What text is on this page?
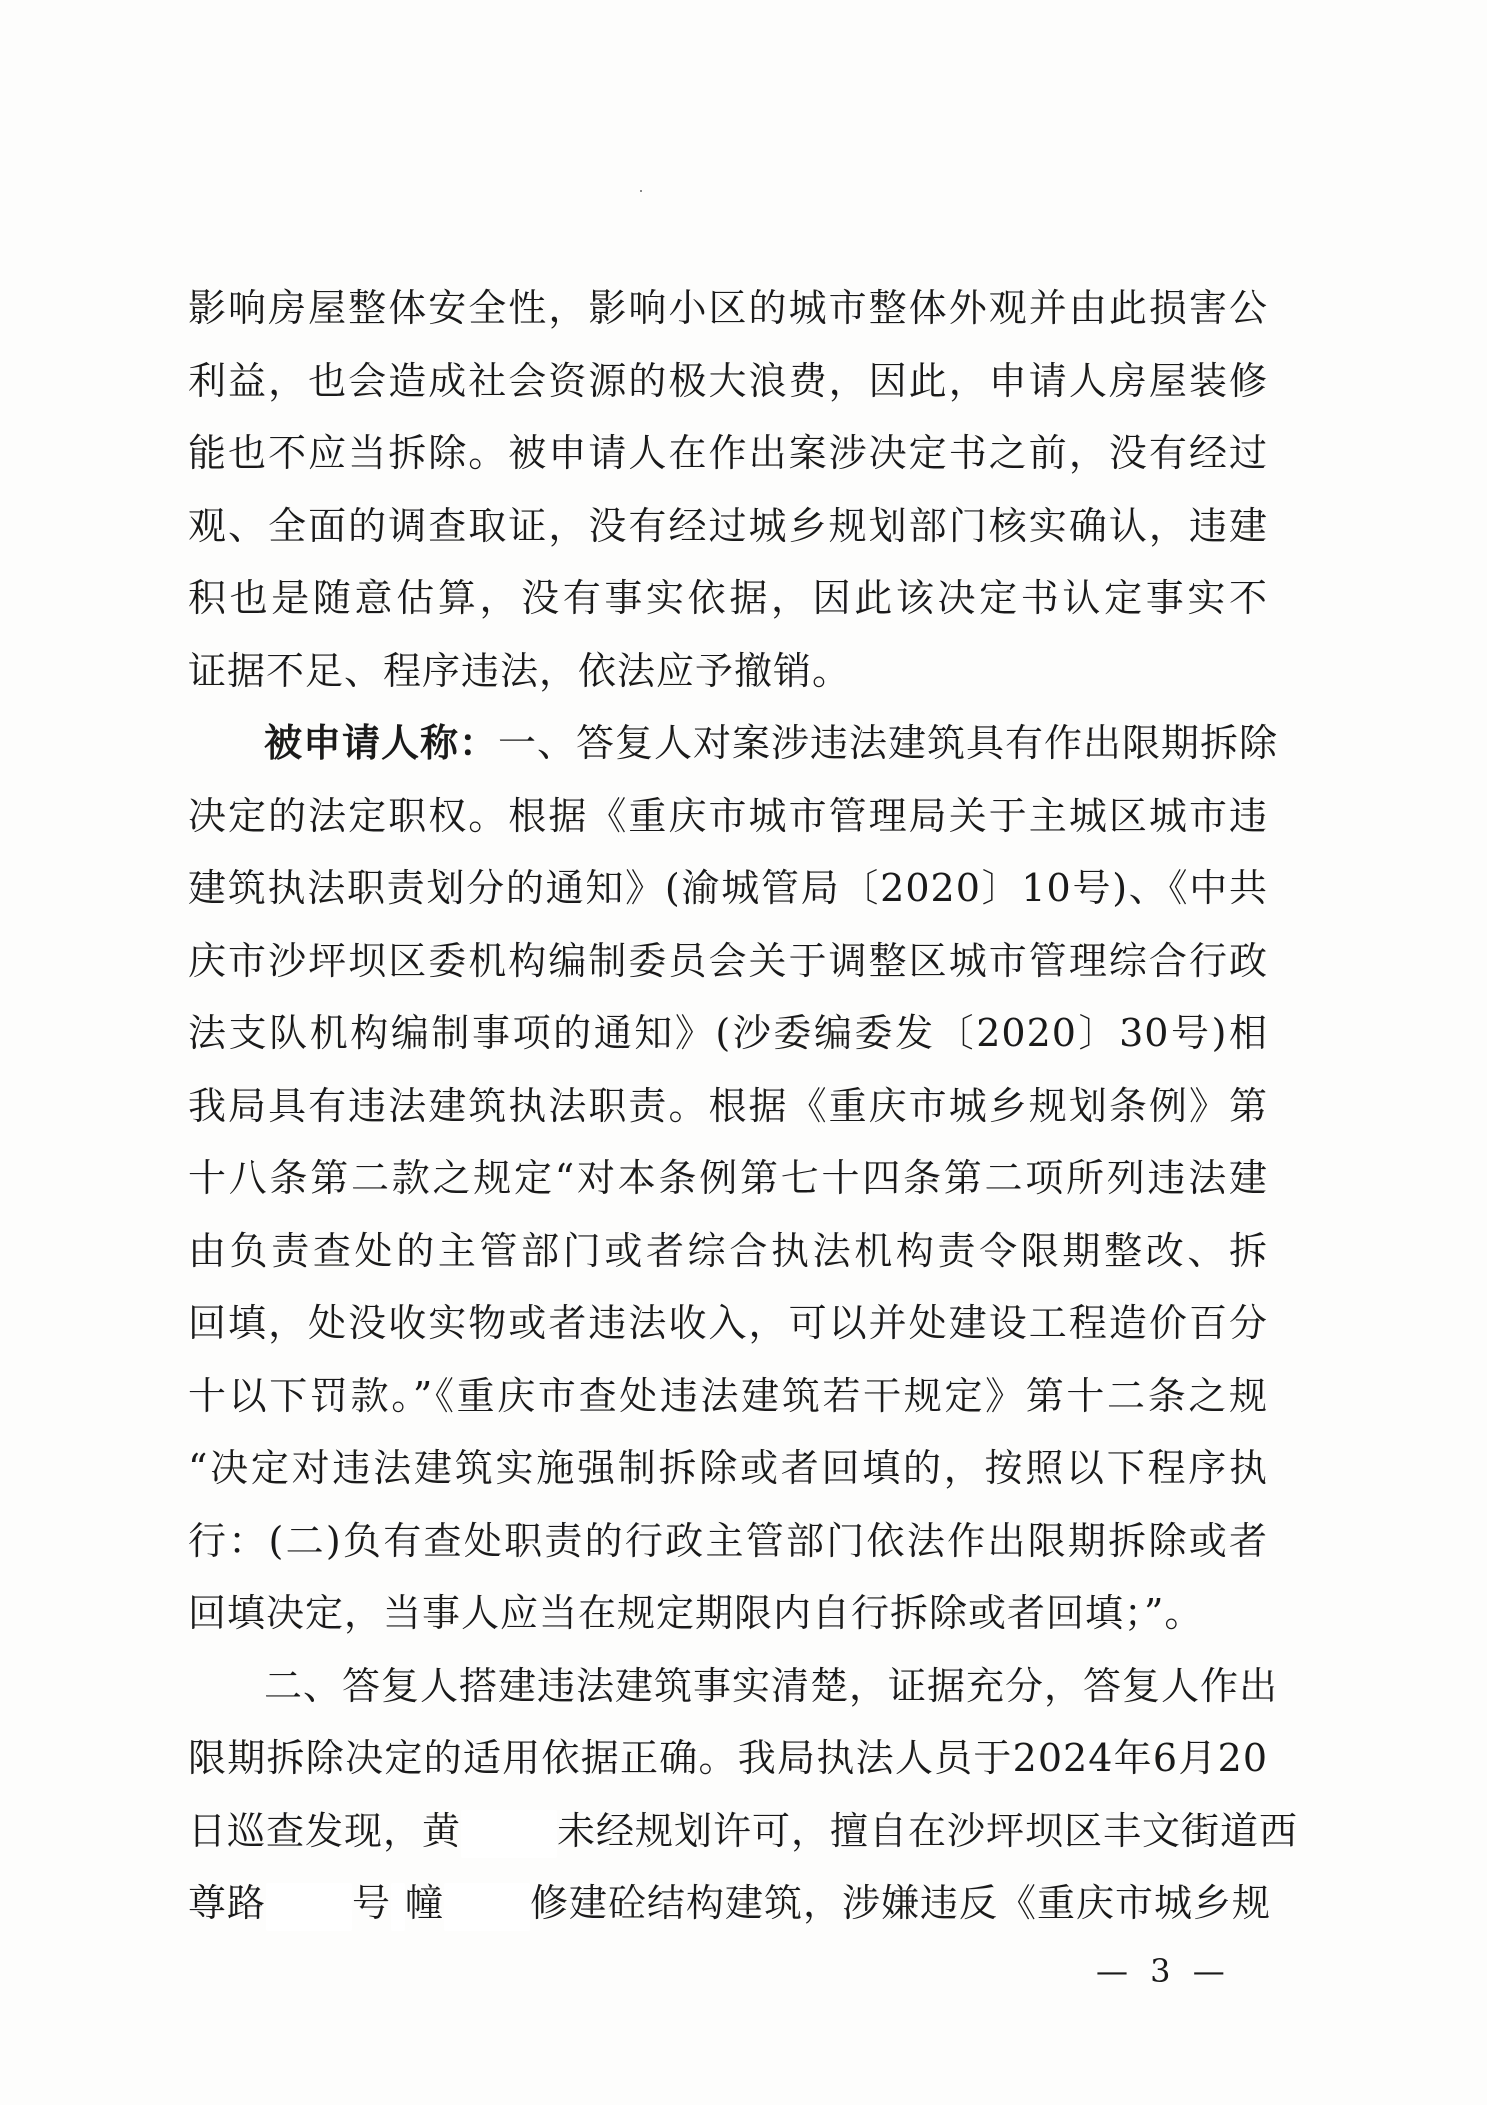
影响房屋整体安全性，影响小区的城市整体外观并由此损害公
利益，也会造成社会资源的极大浪费，因此，申请人房屋装修
能也不应当拆除。被申请人在作出案涉决定书之前，没有经过
观、全面的调查取证，没有经过城乡规划部门核实确认，违建
积也是随意估算，没有事实依据，因此该决定书认定事实不
证据不足、程序违法，依法应予撤销。
被申请人称：一、答复人对案涉违法建筑具有作出限期拆除
决定的法定职权。根据《重庆市城市管理局关于主城区城市违
建筑执法职责划分的通知》(渝城管局〔2020〕10号)、《中共
庆市沙坪坝区委机构编制委员会关于调整区城市管理综合行政
法支队机构编制事项的通知》(沙委编委发〔2020〕30号)相
我局具有违法建筑执法职责。根据《重庆市城乡规划条例》第
十八条第二款之规定“对本条例第七十四条第二项所列违法建
由负责查处的主管部门或者综合执法机构责令限期整改、拆
回填，处没收实物或者违法收入，可以并处建设工程造价百分
十以下罚款。”《重庆市查处违法建筑若干规定》第十二条之规
“决定对违法建筑实施强制拆除或者回填的，按照以下程序执
行：(二)负有查处职责的行政主管部门依法作出限期拆除或者
回填决定，当事人应当在规定期限内自行拆除或者回填；”。
二、答复人搭建违法建筑事实清楚，证据充分，答复人作出
限期拆除决定的适用依据正确。我局执法人员于2024年6月20
日巡查发现，黄	未经规划许可，擅自在沙坪坝区丰文街道西
尊路 号 幢 修建砼结构建筑，涉嫌违反《重庆市城乡规
— 3 —
